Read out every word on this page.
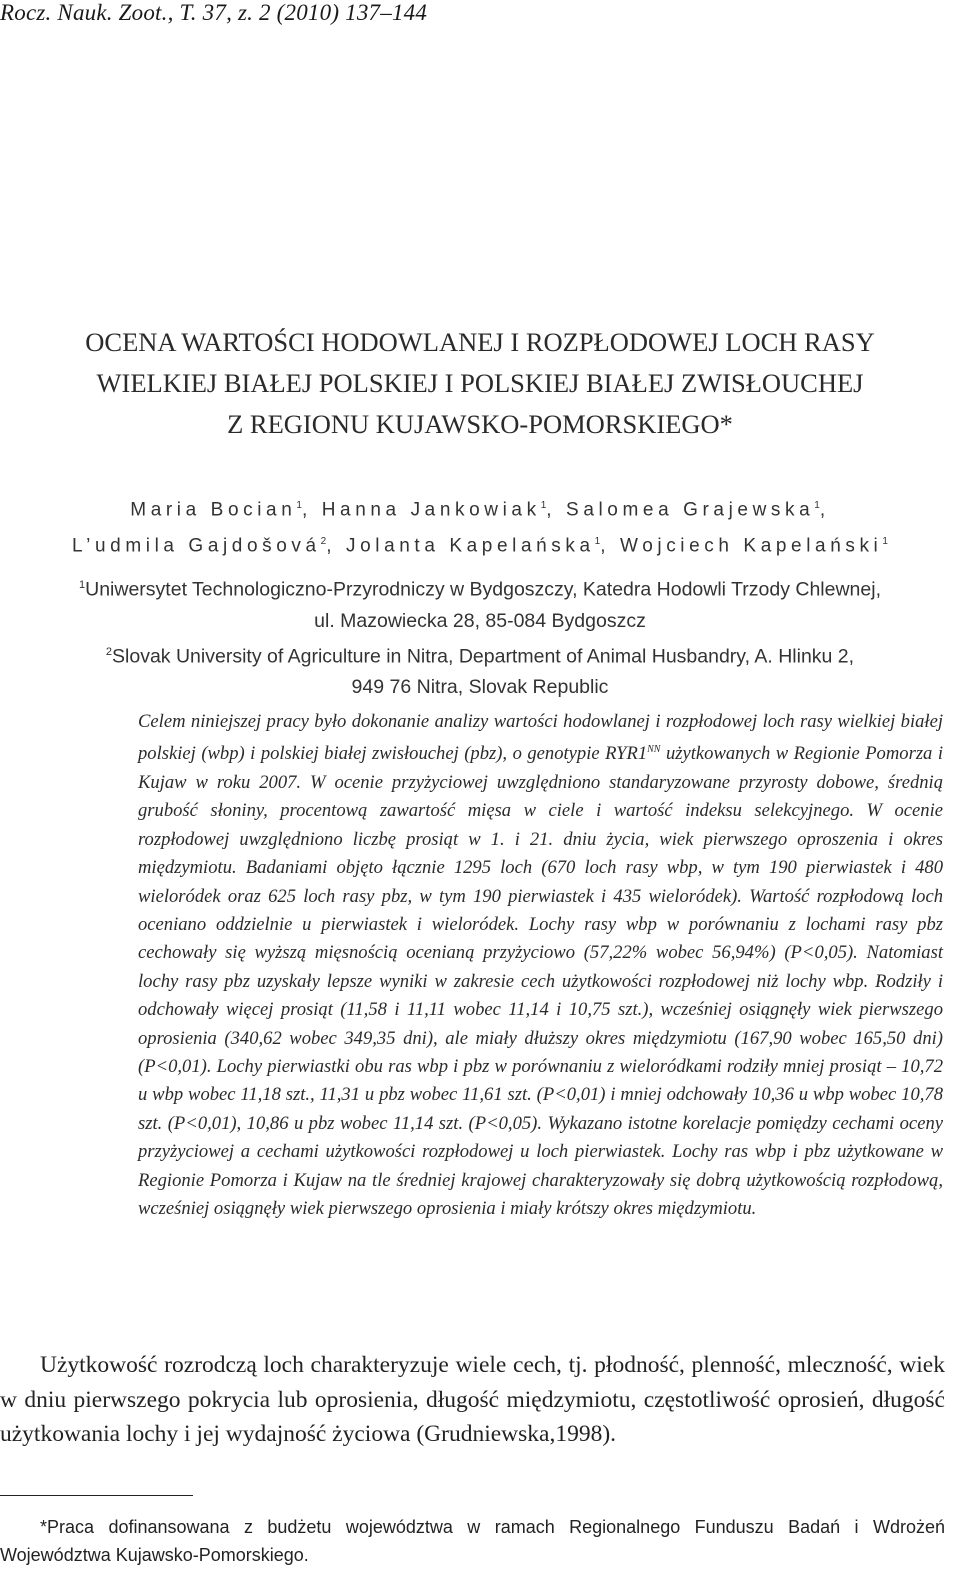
Rocz. Nauk. Zoot., T. 37, z. 2 (2010) 137–144
OCENA WARTOŚCI HODOWLANEJ I ROZPŁODOWEJ LOCH RASY
WIELKIEJ BIAŁEJ POLSKIEJ I POLSKIEJ BIAŁEJ ZWISŁOUCHEJ
Z REGIONU KUJAWSKO-POMORSKIEGO*
Maria Bocian$^1$, Hanna Jankowiak$^1$, Salomea Grajewska$^1$,
L’udmila Gajdošová$^2$, Jolanta Kapelańska$^1$, Wojciech Kapelański$^1$
$^1$Uniwersytet Technologiczno-Przyrodniczy w Bydgoszczy, Katedra Hodowli Trzody Chlewnej,
ul. Mazowiecka 28, 85-084 Bydgoszcz
$^2$Slovak University of Agriculture in Nitra, Department of Animal Husbandry, A. Hlinku 2,
949 76 Nitra, Slovak Republic

Celem niniejszej pracy było dokonanie analizy wartości hodowlanej i rozpłodowej loch rasy wielkiej białej polskiej (wbp) i polskiej białej zwisłouchej (pbz), o genotypie $RYR1^{NN}$ użytkowanych w Regionie Pomorza i Kujaw w roku 2007. W ocenie przyżyciowej uwzględniono standaryzowane przyrosty dobowe, średnią grubość słoniny, procentową zawartość mięsa w ciele i wartość indeksu selekcyjnego. W ocenie rozpłodowej uwzględniono liczbę prosiąt w 1. i 21. dniu życia, wiek pierwszego oproszenia i okres międzymiotu. Badaniami objęto łącznie 1295 loch (670 loch rasy wbp, w tym 190 pierwiastek i 480 wieloródek oraz 625 loch rasy pbz, w tym 190 pierwiastek i 435 wieloródek). Wartość rozpłodową loch oceniano oddzielnie u pierwiastek i wieloródek. Lochy rasy wbp w porównaniu z lochami rasy pbz cechowały się wyższą mięsnością ocenianą przyżyciowo (57,22% wobec 56,94%) (P<0,05). Natomiast lochy rasy pbz uzyskały lepsze wyniki w zakresie cech użytkowości rozpłodowej niż lochy wbp. Rodziły i odchowały więcej prosiąt (11,58 i 11,11 wobec 11,14 i 10,75 szt.), wcześniej osiągnęły wiek pierwszego oprosienia (340,62 wobec 349,35 dni), ale miały dłuższy okres międzymiotu (167,90 wobec 165,50 dni) (P<0,01). Lochy pierwiastki obu ras wbp i pbz w porównaniu z wieloródkami rodziły mniej prosiąt – 10,72 u wbp wobec 11,18 szt., 11,31 u pbz wobec 11,61 szt. (P<0,01) i mniej odchowały 10,36 u wbp wobec 10,78 szt. (P<0,01), 10,86 u pbz wobec 11,14 szt. (P<0,05). Wykazano istotne korelacje pomiędzy cechami oceny przyżyciowej a cechami użytkowości rozpłodowej u loch pierwiastek. Lochy ras wbp i pbz użytkowane w Regionie Pomorza i Kujaw na tle średniej krajowej charakteryzowały się dobrą użytkowością rozpłodową, wcześniej osiągnęły wiek pierwszego oprosienia i miały krótszy okres międzymiotu.

Użytkowość rozrodczą loch charakteryzuje wiele cech, tj. płodność, plenność, mleczność, wiek w dniu pierwszego pokrycia lub oprosienia, długość międzymiotu, częstotliwość oprosień, długość użytkowania lochy i jej wydajność życiowa (Grudniewska,1998).

*Praca dofinansowana z budżetu województwa w ramach Regionalnego Funduszu Badań i Wdrożeń Województwa Kujawsko-Pomorskiego.
